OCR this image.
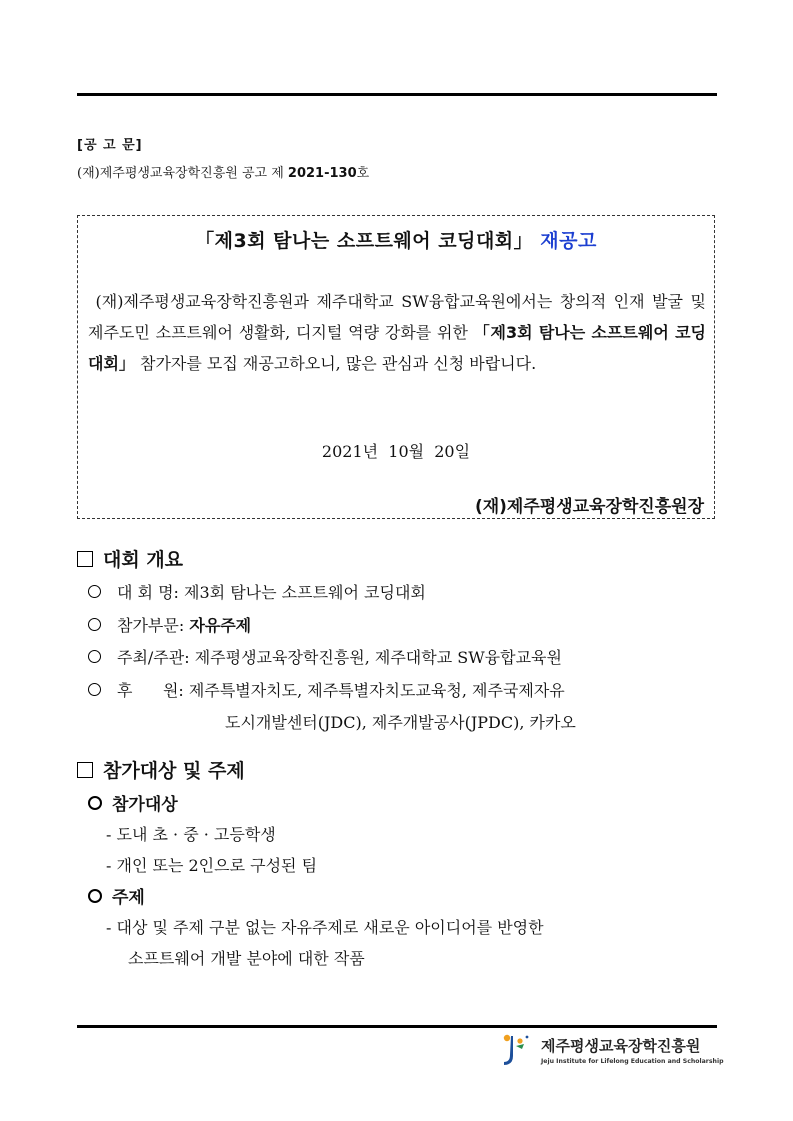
[공 고 문]
(재)제주평생교육장학진흥원 공고 제 2021-130호
「제3회 탐나는 소프트웨어 코딩대회」 재공고
(재)제주평생교육장학진흥원과 제주대학교 SW융합교육원에서는 창의적 인재 발굴 및 제주도민 소프트웨어 생활화, 디지털 역량 강화를 위한 「제3회 탐나는 소프트웨어 코딩대회」 참가자를 모집 재공고하오니, 많은 관심과 신청 바랍니다.
2021년  10월  20일
(재)제주평생교육장학진흥원장
대회 개요
대 회 명: 제3회 탐나는 소프트웨어 코딩대회
참가부문: 자유주제
주최/주관: 제주평생교육장학진흥원, 제주대학교 SW융합교육원
후      원: 제주특별자치도, 제주특별자치도교육청, 제주국제자유
도시개발센터(JDC), 제주개발공사(JPDC), 카카오
참가대상 및 주제
참가대상
- 도내 초 · 중 · 고등학생
- 개인 또는 2인으로 구성된 팀
주제
- 대상 및 주제 구분 없는 자유주제로 새로운 아이디어를 반영한
소프트웨어 개발 분야에 대한 작품
제주평생교육장학진흥원
Jeju Institute for Lifelong Education and Scholarship
